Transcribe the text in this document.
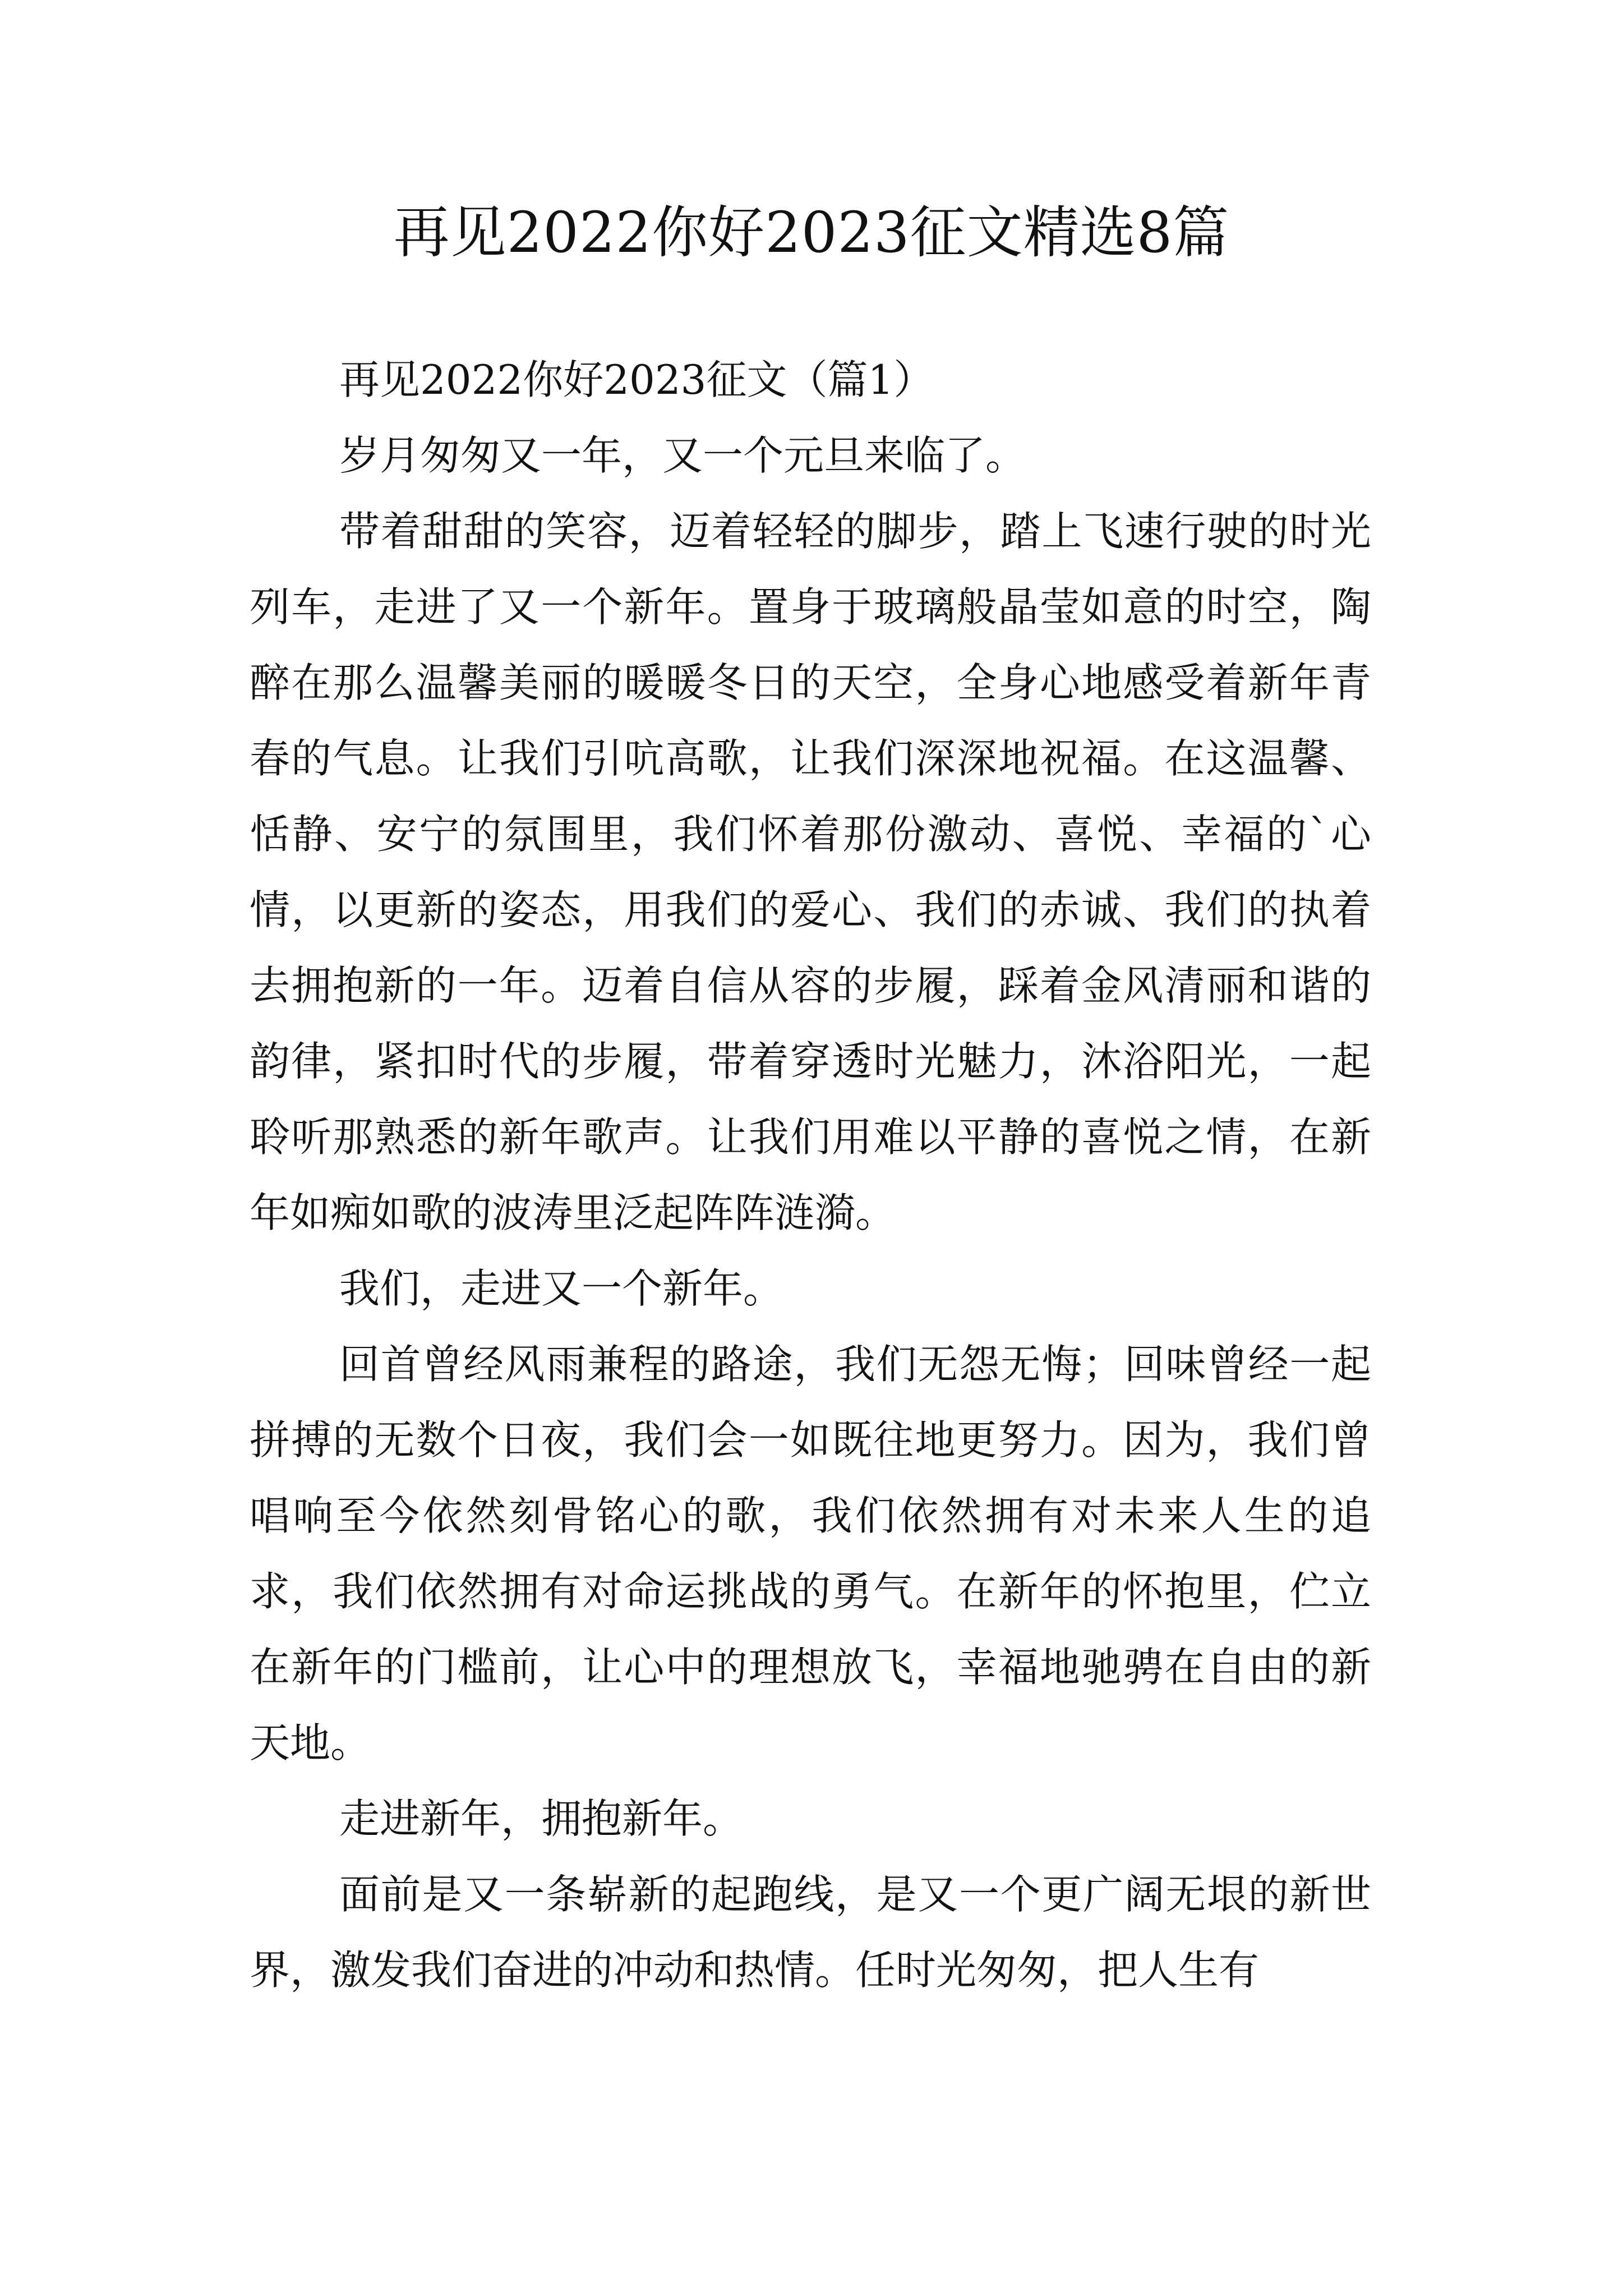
再见2022你好2023征文精选8篇

再见2022你好2023征文（篇1）

岁月匆匆又一年，又一个元旦来临了。

带着甜甜的笑容，迈着轻轻的脚步，踏上飞速行驶的时光列车，走进了又一个新年。置身于玻璃般晶莹如意的时空，陶醉在那么温馨美丽的暖暖冬日的天空，全身心地感受着新年青春的气息。让我们引吭高歌，让我们深深地祝福。在这温馨、恬静、安宁的氛围里，我们怀着那份激动、喜悦、幸福的`心情，以更新的姿态，用我们的爱心、我们的赤诚、我们的执着去拥抱新的一年。迈着自信从容的步履，踩着金风清丽和谐的韵律，紧扣时代的步履，带着穿透时光魅力，沐浴阳光，一起聆听那熟悉的新年歌声。让我们用难以平静的喜悦之情，在新年如痴如歌的波涛里泛起阵阵涟漪。

我们，走进又一个新年。

回首曾经风雨兼程的路途，我们无怨无悔；回味曾经一起拼搏的无数个日夜，我们会一如既往地更努力。因为，我们曾唱响至今依然刻骨铭心的歌，我们依然拥有对未来人生的追求，我们依然拥有对命运挑战的勇气。在新年的怀抱里，伫立在新年的门槛前，让心中的理想放飞，幸福地驰骋在自由的新天地。

走进新年，拥抱新年。

面前是又一条崭新的起跑线，是又一个更广阔无垠的新世界，激发我们奋进的冲动和热情。任时光匆匆，把人生有
